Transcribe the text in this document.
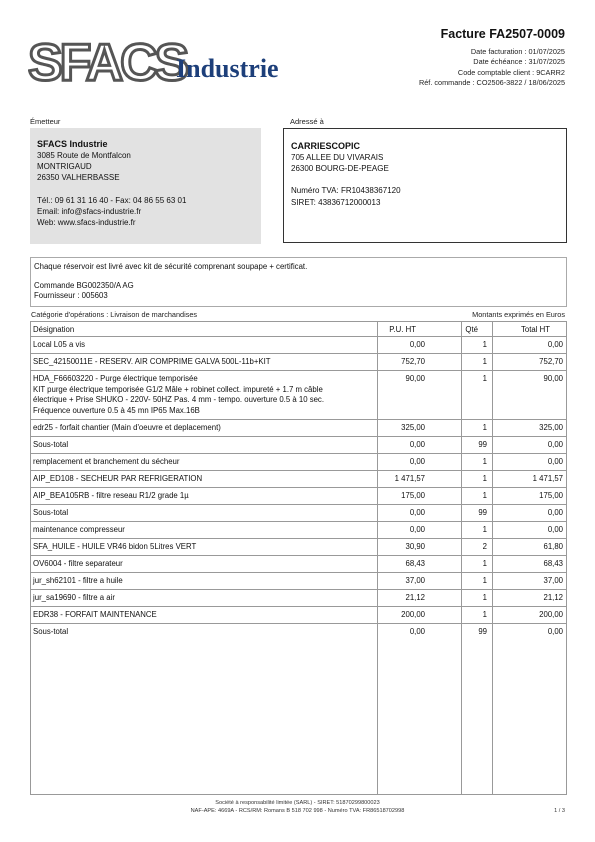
SFACS
Industrie
Facture FA2507-0009
Date facturation : 01/07/2025
Date échéance : 31/07/2025
Code comptable client : 9CARR2
Réf. commande : CO2506-3822 / 18/06/2025
Émetteur
SFACS Industrie
3085 Route de Montfalcon
MONTRIGAUD
26350 VALHERBASSE
Tél.: 09 61 31 16 40 - Fax: 04 86 55 63 01
Email: info@sfacs-industrie.fr
Web: www.sfacs-industrie.fr
Adressé à
CARRIESCOPIC
705 ALLEE DU VIVARAIS
26300 BOURG-DE-PEAGE
Numéro TVA: FR10438367120
SIRET: 43836712000013
Chaque réservoir est livré avec kit de sécurité comprenant soupape + certificat.
Commande BG002350/A AG
Fournisseur : 005603
Catégorie d'opérations : Livraison de marchandises	Montants exprimés en Euros
Désignation	P.U. HT	Qté	Total HT
Local L05 a vis	0,00	1	0,00
SEC_42150011E - RESERV. AIR COMPRIME GALVA 500L-11b+KIT	752,70	1	752,70
HDA_F66603220 - Purge électrique temporisée
KIT purge électrique temporisée G1/2 Mâle + robinet collect. impureté + 1.7 m câble
électrique + Prise SHUKO - 220V- 50HZ Pas. 4 mm - tempo. ouverture 0.5 à 10 sec.
Fréquence ouverture 0.5 à 45 mn IP65 Max.16B
90,00	1	90,00
edr25 - forfait chantier (Main d'oeuvre et deplacement)	325,00	1	325,00
Sous-total	0,00	99	0,00
remplacement et branchement du sécheur	0,00	1	0,00
AIP_ED108 - SECHEUR PAR REFRIGERATION	1 471,57	1	1 471,57
AIP_BEA105RB - filtre reseau R1/2 grade 1µ	175,00	1	175,00
Sous-total	0,00	99	0,00
maintenance compresseur	0,00	1	0,00
SFA_HUILE - HUILE VR46 bidon 5Litres VERT	30,90	2	61,80
OV6004 - filtre separateur	68,43	1	68,43
jur_sh62101 - filtre a huile	37,00	1	37,00
jur_sa19690 - filtre a air	21,12	1	21,12
EDR38 - FORFAIT MAINTENANCE	200,00	1	200,00
Sous-total	0,00	99	0,00
Société à responsabilité limitée (SARL) - SIRET: 51870299800023
NAF-APE: 4669A - RCS/RM: Romans B 518 702 998 - Numéro TVA: FR86518702998	1 / 3
